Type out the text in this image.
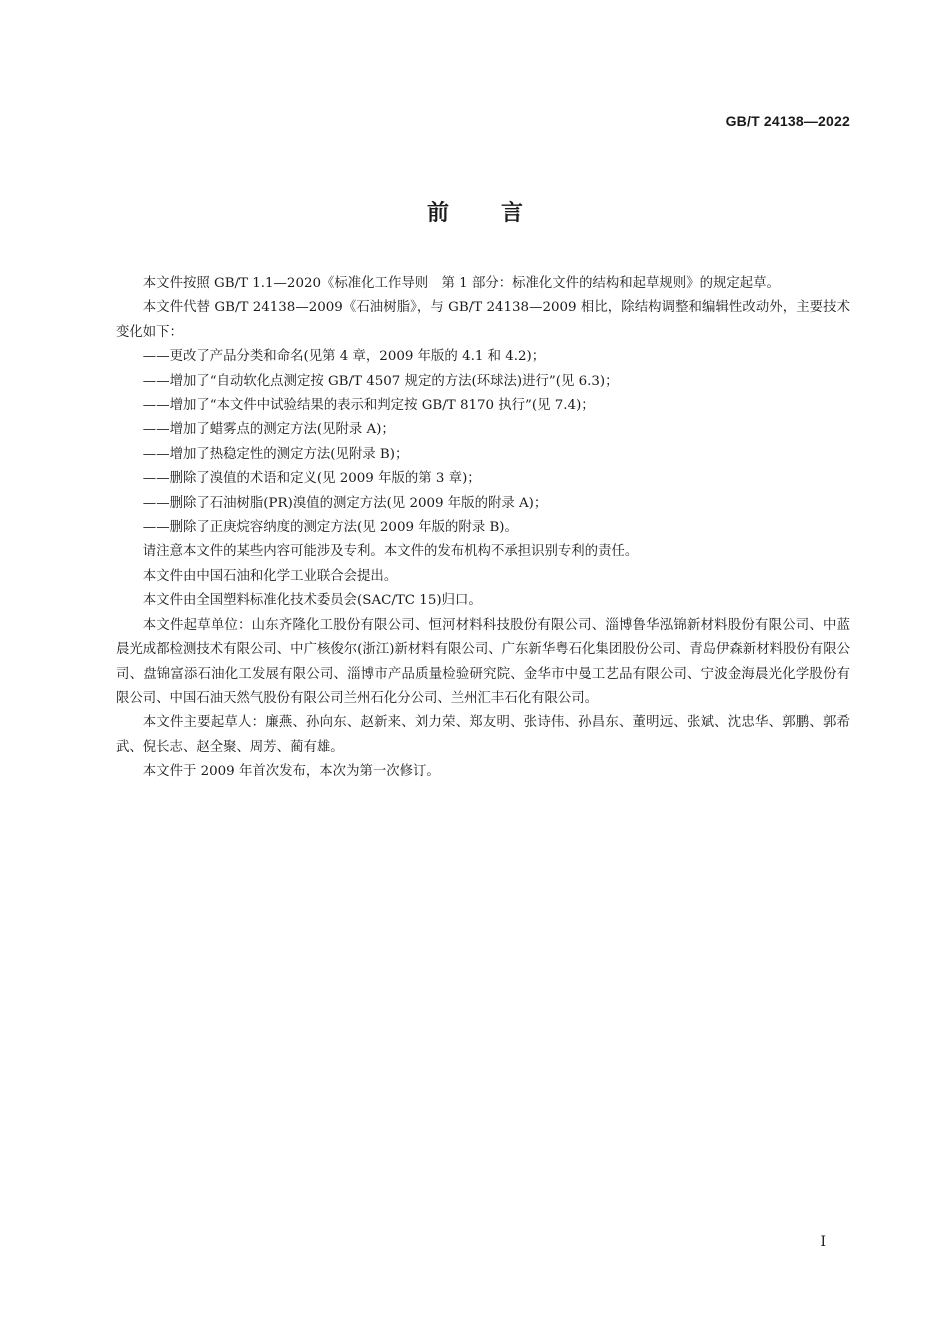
GB/T 24138—2022
前言

本文件按照 GB/T 1.1—2020《标准化工作导则　第 1 部分：标准化文件的结构和起草规则》的规定起草。

本文件代替 GB/T 24138—2009《石油树脂》，与 GB/T 24138—2009 相比，除结构调整和编辑性改动外，主要技术变化如下：

——更改了产品分类和命名(见第 4 章，2009 年版的 4.1 和 4.2)；

——增加了“自动软化点测定按 GB/T 4507 规定的方法(环球法)进行”(见 6.3)；

——增加了“本文件中试验结果的表示和判定按 GB/T 8170 执行”(见 7.4)；

——增加了蜡雾点的测定方法(见附录 A)；

——增加了热稳定性的测定方法(见附录 B)；

——删除了溴值的术语和定义(见 2009 年版的第 3 章)；

——删除了石油树脂(PR)溴值的测定方法(见 2009 年版的附录 A)；

——删除了正庚烷容纳度的测定方法(见 2009 年版的附录 B)。

请注意本文件的某些内容可能涉及专利。本文件的发布机构不承担识别专利的责任。

本文件由中国石油和化学工业联合会提出。

本文件由全国塑料标准化技术委员会(SAC/TC 15)归口。

本文件起草单位：山东齐隆化工股份有限公司、恒河材料科技股份有限公司、淄博鲁华泓锦新材料股份有限公司、中蓝晨光成都检测技术有限公司、中广核俊尔(浙江)新材料有限公司、广东新华粤石化集团股份公司、青岛伊森新材料股份有限公司、盘锦富添石油化工发展有限公司、淄博市产品质量检验研究院、金华市中曼工艺品有限公司、宁波金海晨光化学股份有限公司、中国石油天然气股份有限公司兰州石化分公司、兰州汇丰石化有限公司。

本文件主要起草人：廉燕、孙向东、赵新来、刘力荣、郑友明、张诗伟、孙昌东、董明远、张斌、沈忠华、郭鹏、郭希武、倪长志、赵全聚、周芳、蔺有雄。

本文件于 2009 年首次发布，本次为第一次修订。

I
